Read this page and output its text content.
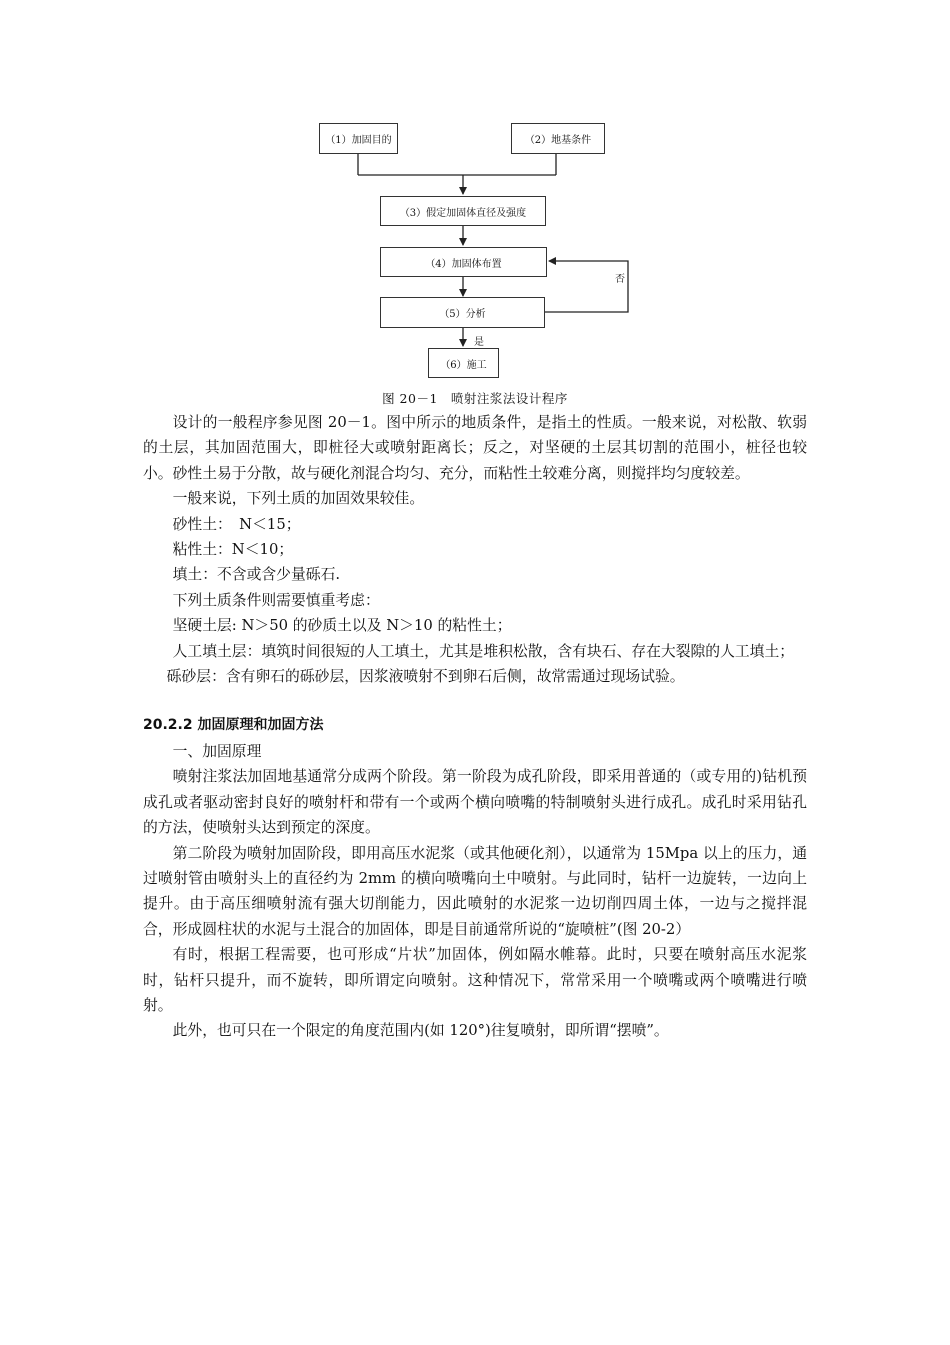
（1）加固目的	（2）地基条件
（3）假定加固体直径及强度
（4）加固体布置
（5）分析
（6）施工
否
是
图 20－1　喷射注浆法设计程序

设计的一般程序参见图 20－1。图中所示的地质条件，是指土的性质。一般来说，对松散、软弱的土层，其加固范围大，即桩径大或喷射距离长；反之，对坚硬的土层其切割的范围小，桩径也较小。砂性土易于分散，故与硬化剂混合均匀、充分，而粘性土较难分离，则搅拌均匀度较差。

一般来说，下列土质的加固效果较佳。

砂性土：　N＜15；

粘性土：N＜10；

填土：不含或含少量砾石.

下列土质条件则需要慎重考虑：

坚硬土层: N＞50 的砂质土以及 N＞10 的粘性土；

人工填土层：填筑时间很短的人工填土，尤其是堆积松散，含有块石、存在大裂隙的人工填土；

砾砂层：含有卵石的砾砂层，因浆液喷射不到卵石后侧，故常需通过现场试验。

20.2.2 加固原理和加固方法

一、加固原理

喷射注浆法加固地基通常分成两个阶段。第一阶段为成孔阶段，即采用普通的（或专用的)钻机预成孔或者驱动密封良好的喷射杆和带有一个或两个横向喷嘴的特制喷射头进行成孔。成孔时采用钻孔的方法，使喷射头达到预定的深度。

第二阶段为喷射加固阶段，即用高压水泥浆（或其他硬化剂），以通常为 15Mpa 以上的压力，通过喷射管由喷射头上的直径约为 2mm 的横向喷嘴向土中喷射。与此同时，钻杆一边旋转，一边向上提升。由于高压细喷射流有强大切削能力，因此喷射的水泥浆一边切削四周土体，一边与之搅拌混合，形成圆柱状的水泥与土混合的加固体，即是目前通常所说的“旋喷桩”(图 20-2）

有时，根据工程需要，也可形成“片状”加固体，例如隔水帷幕。此时，只要在喷射高压水泥浆时，钻杆只提升，而不旋转，即所谓定向喷射。这种情况下，常常采用一个喷嘴或两个喷嘴进行喷射。

此外，也可只在一个限定的角度范围内(如 120°)往复喷射，即所谓“摆喷”。
